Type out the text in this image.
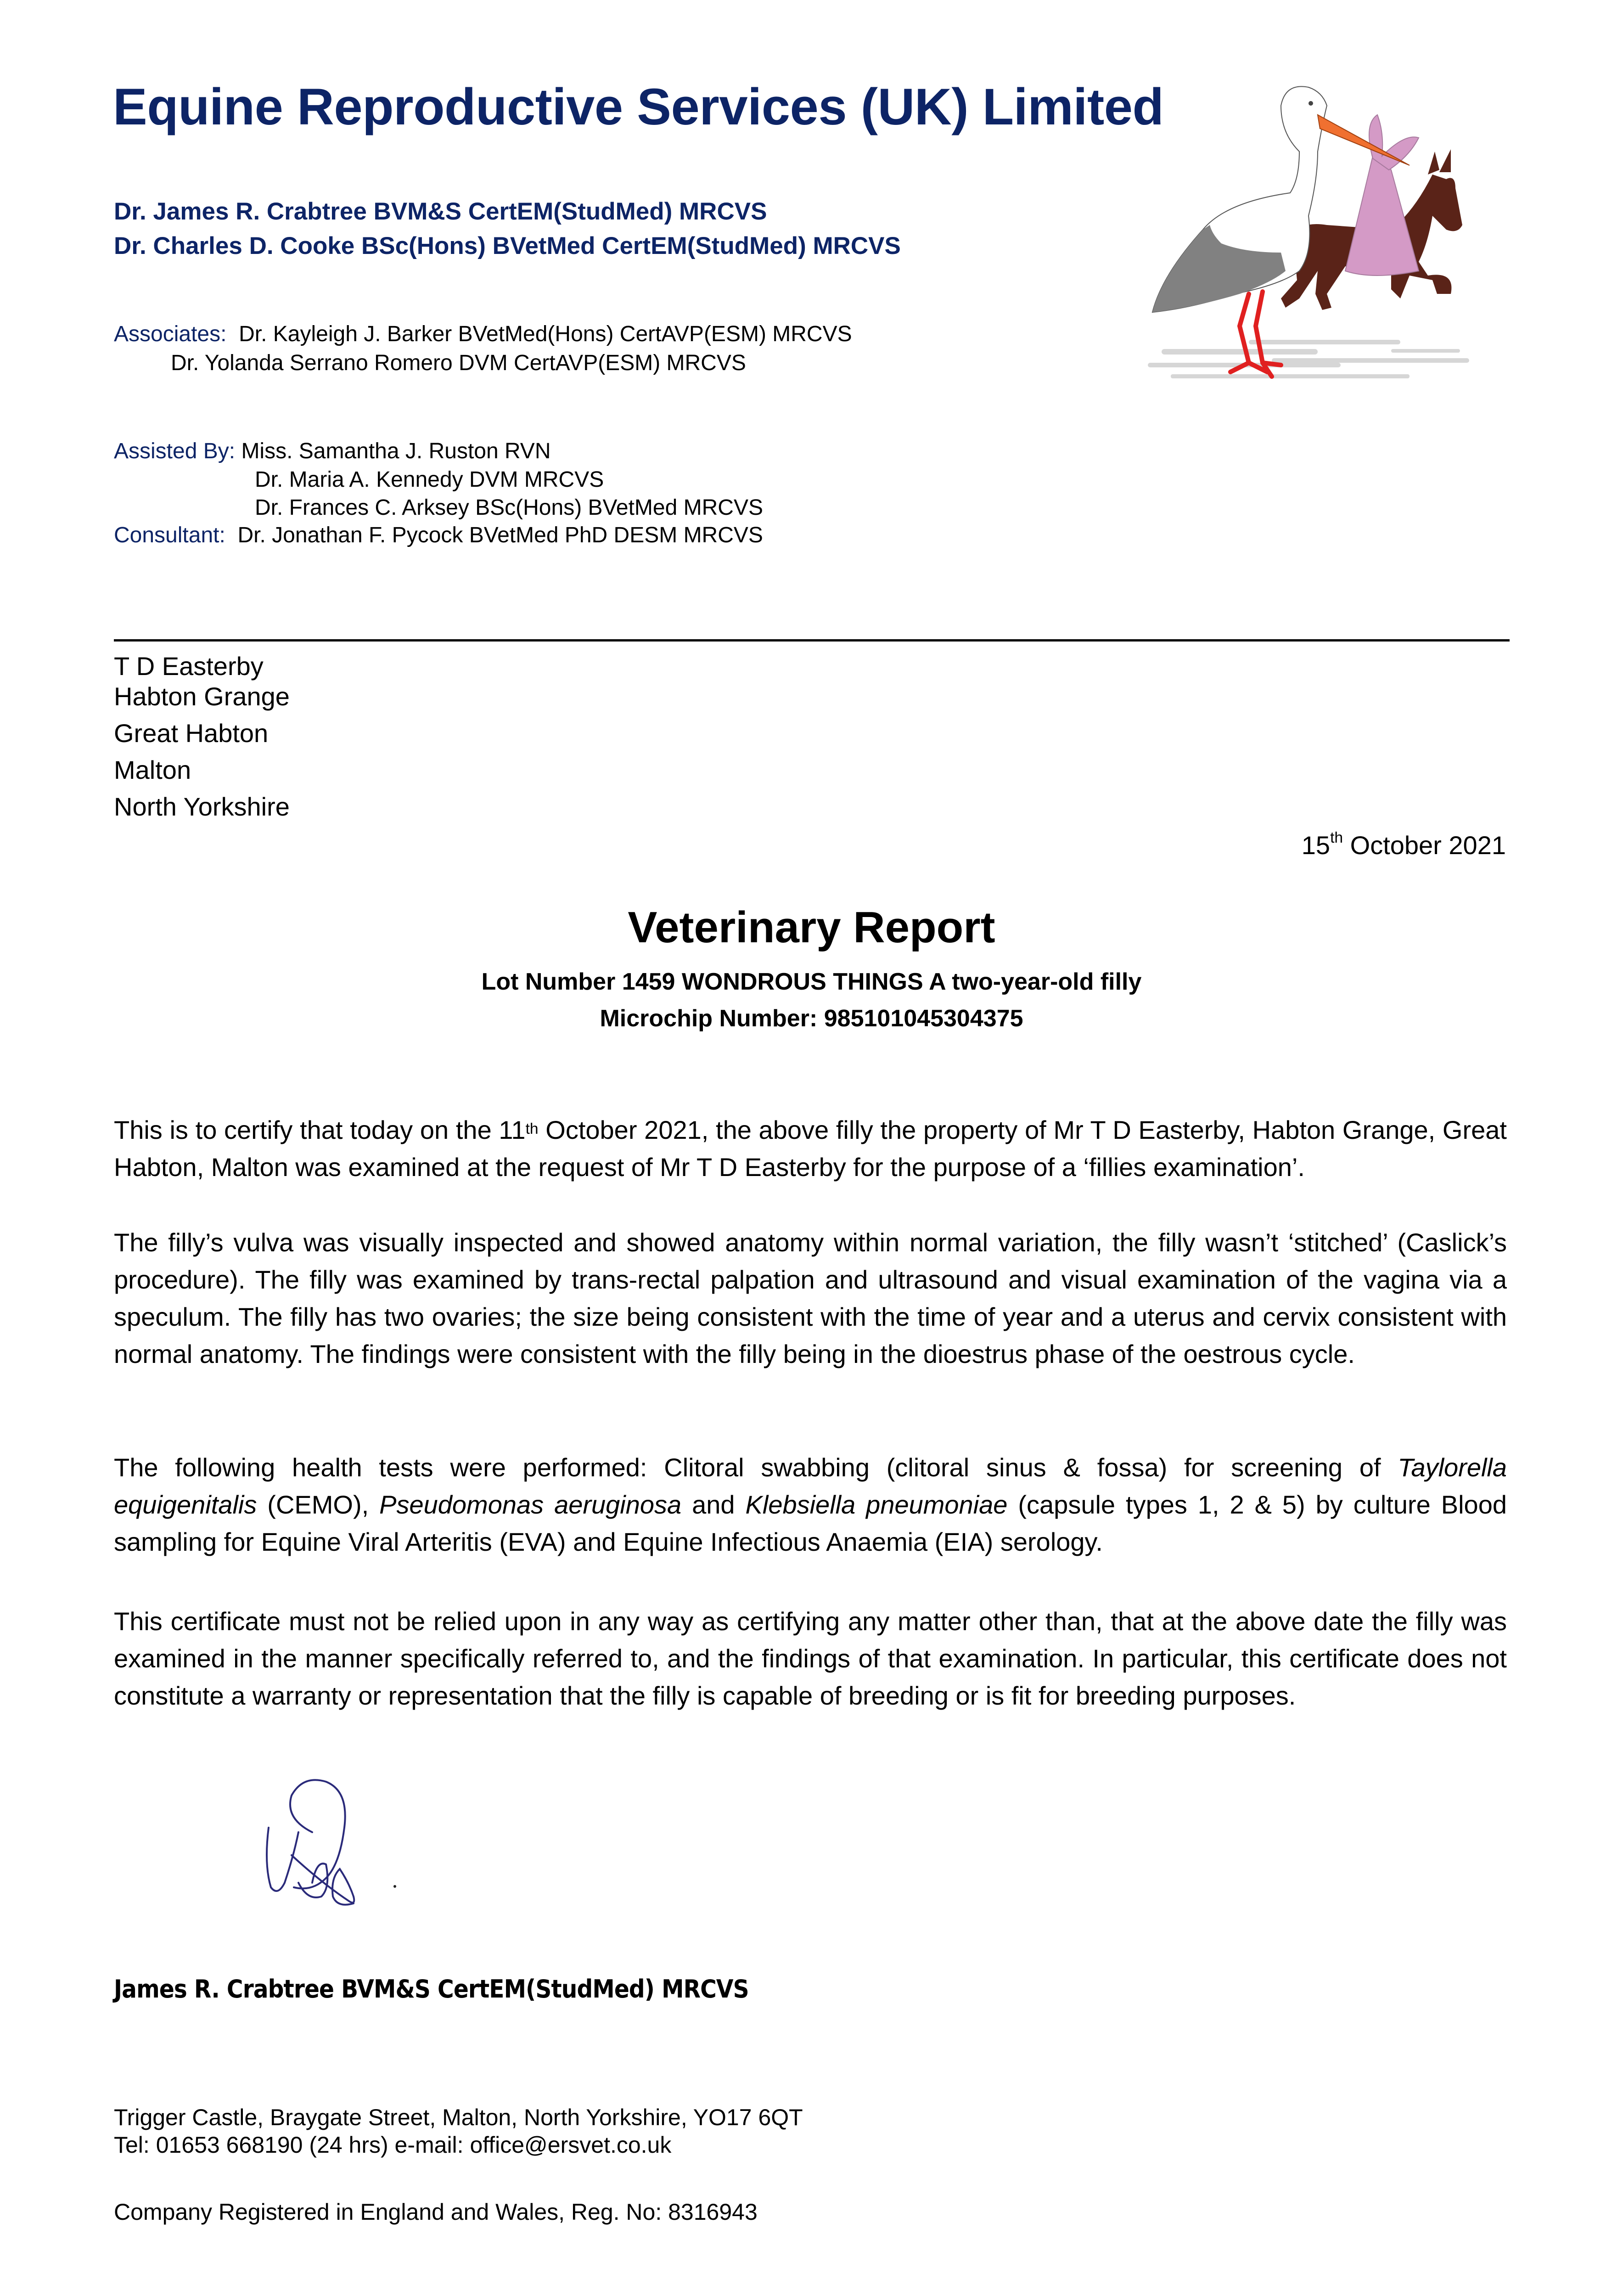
Equine Reproductive Services (UK) Limited
Dr. James R. Crabtree BVM&S CertEM(StudMed) MRCVS
Dr. Charles D. Cooke BSc(Hons) BVetMed CertEM(StudMed) MRCVS
Associates: Dr. Kayleigh J. Barker BVetMed(Hons) CertAVP(ESM) MRCVS
Dr. Yolanda Serrano Romero DVM CertAVP(ESM) MRCVS
Assisted By: Miss. Samantha J. Ruston RVN
Dr. Maria A. Kennedy DVM MRCVS
Dr. Frances C. Arksey BSc(Hons) BVetMed MRCVS
Consultant: Dr. Jonathan F. Pycock BVetMed PhD DESM MRCVS
T D Easterby
Habton Grange
Great Habton
Malton
North Yorkshire
15th October 2021
Veterinary Report
Lot Number 1459 WONDROUS THINGS A two-year-old filly
Microchip Number: 985101045304375
This is to certify that today on the 11th October 2021, the above filly the property of Mr T D Easterby, Habton Grange, Great Habton, Malton was examined at the request of Mr T D Easterby for the purpose of a ‘fillies examination’.
The filly’s vulva was visually inspected and showed anatomy within normal variation, the filly wasn’t ‘stitched’ (Caslick’s procedure). The filly was examined by trans-rectal palpation and ultrasound and visual examination of the vagina via a speculum. The filly has two ovaries; the size being consistent with the time of year and a uterus and cervix consistent with normal anatomy. The findings were consistent with the filly being in the dioestrus phase of the oestrous cycle.
The following health tests were performed: Clitoral swabbing (clitoral sinus & fossa) for screening of Taylorella equigenitalis (CEMO), Pseudomonas aeruginosa and Klebsiella pneumoniae (capsule types 1, 2 & 5) by culture Blood sampling for Equine Viral Arteritis (EVA) and Equine Infectious Anaemia (EIA) serology.
This certificate must not be relied upon in any way as certifying any matter other than, that at the above date the filly was examined in the manner specifically referred to, and the findings of that examination. In particular, this certificate does not constitute a warranty or representation that the filly is capable of breeding or is fit for breeding purposes.
James R. Crabtree BVM&S CertEM(StudMed) MRCVS
Trigger Castle, Braygate Street, Malton, North Yorkshire, YO17 6QT
Tel: 01653 668190 (24 hrs) e-mail: office@ersvet.co.uk
Company Registered in England and Wales, Reg. No: 8316943
